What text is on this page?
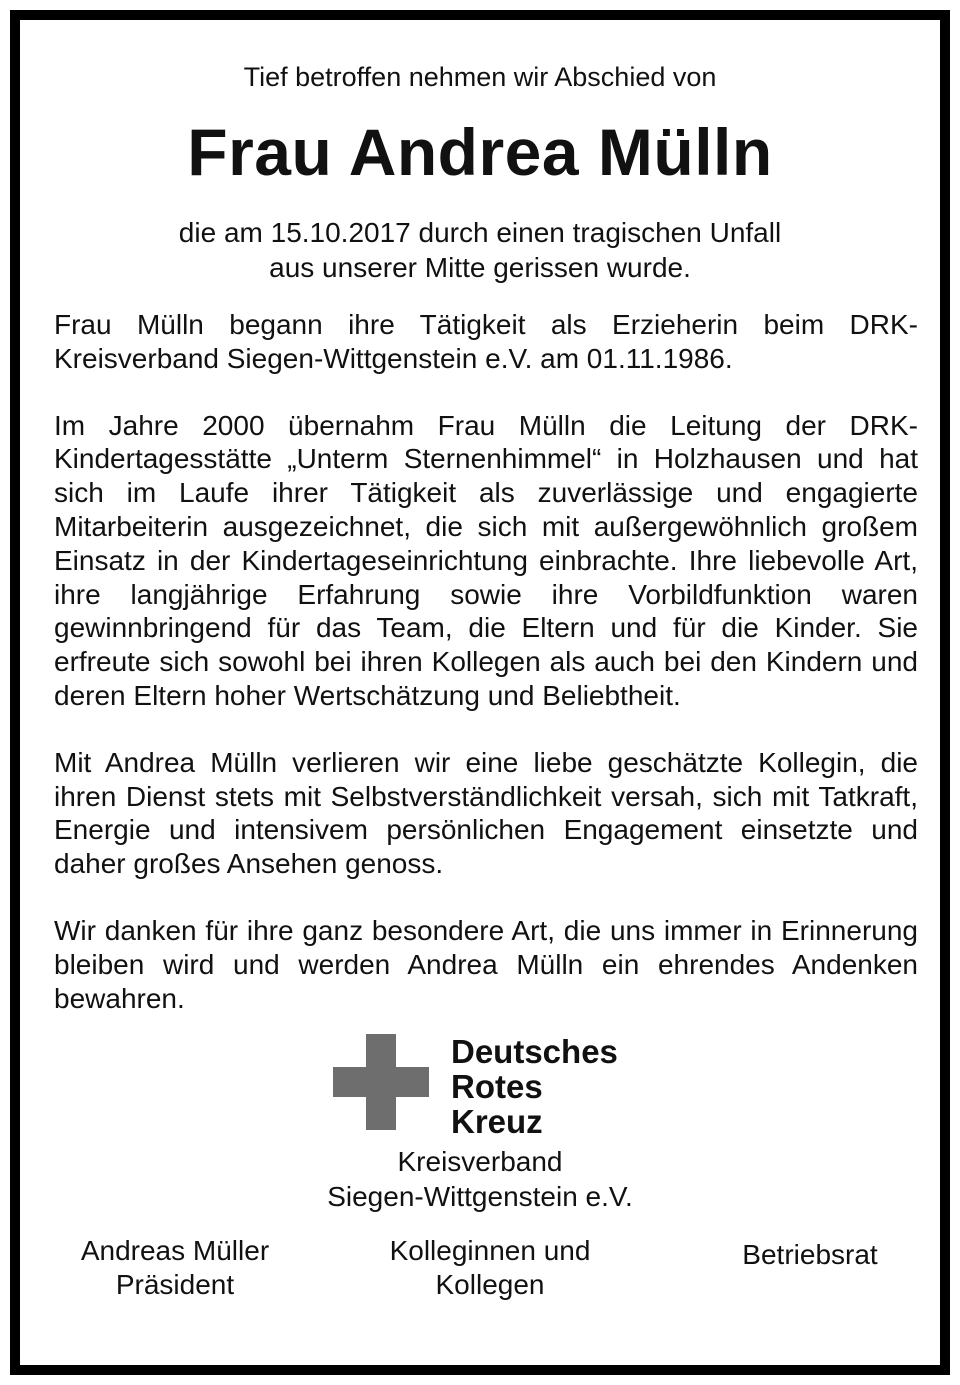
Tief betroffen nehmen wir Abschied von
Frau Andrea Mülln
die am 15.10.2017 durch einen tragischen Unfall
aus unserer Mitte gerissen wurde.

Frau Mülln begann ihre Tätigkeit als Erzieherin beim DRK-Kreisverband Siegen-Wittgenstein e.V. am 01.11.1986.

Im Jahre 2000 übernahm Frau Mülln die Leitung der DRK-Kindertagesstätte „Unterm Sternenhimmel“ in Holzhausen und hat sich im Laufe ihrer Tätigkeit als zuverlässige und engagierte Mitarbeiterin ausgezeichnet, die sich mit außergewöhnlich großem Einsatz in der Kindertageseinrichtung einbrachte. Ihre liebevolle Art, ihre langjährige Erfahrung sowie ihre Vorbildfunktion waren gewinnbringend für das Team, die Eltern und für die Kinder. Sie erfreute sich sowohl bei ihren Kollegen als auch bei den Kindern und deren Eltern hoher Wertschätzung und Beliebtheit.

Mit Andrea Mülln verlieren wir eine liebe geschätzte Kollegin, die ihren Dienst stets mit Selbstverständlichkeit versah, sich mit Tatkraft, Energie und intensivem persönlichen Engagement einsetzte und daher großes Ansehen genoss.

Wir danken für ihre ganz besondere Art, die uns immer in Erinnerung bleiben wird und werden Andrea Mülln ein ehrendes Andenken bewahren.

Deutsches
Rotes
Kreuz
Kreisverband
Siegen-Wittgenstein e.V.
Andreas Müller
Präsident
Kolleginnen und
Kollegen
Betriebsrat
